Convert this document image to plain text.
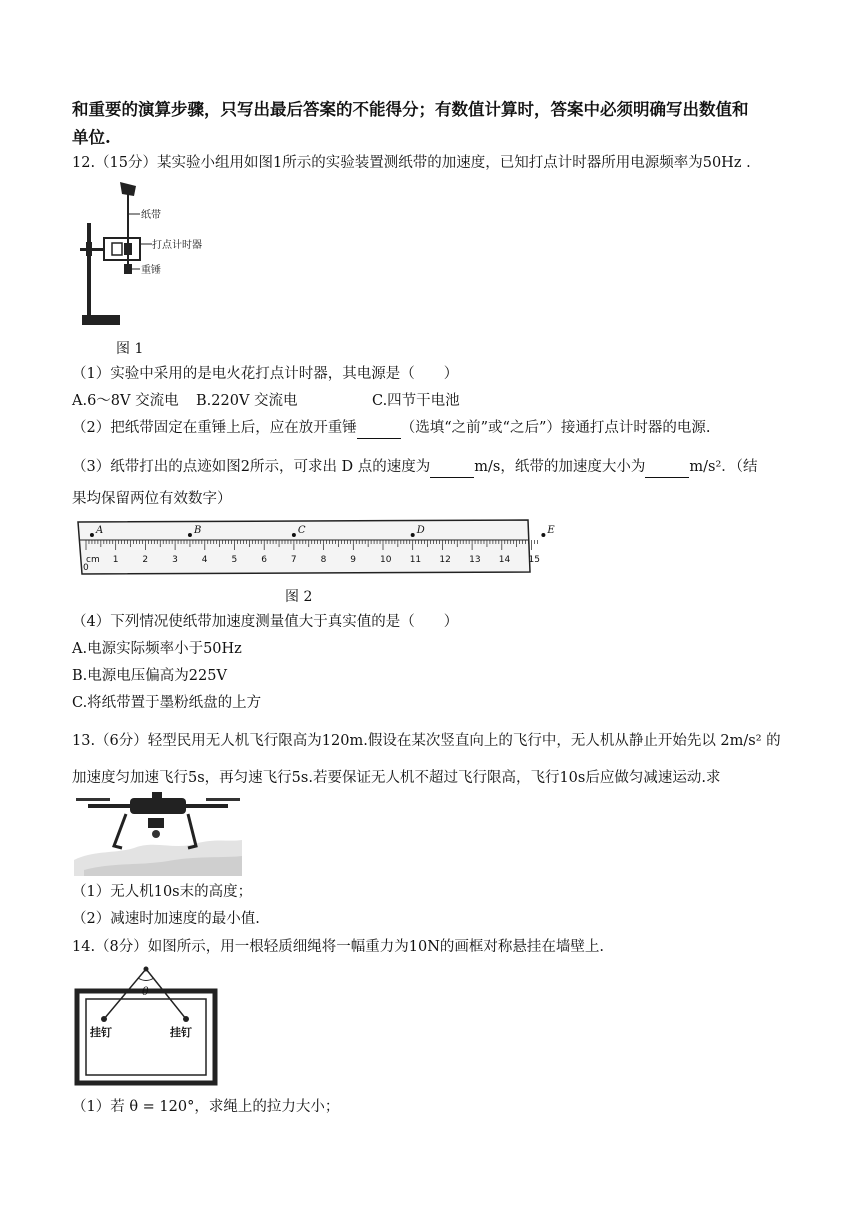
和重要的演算步骤，只写出最后答案的不能得分；有数值计算时，答案中必须明确写出数值和
单位.
12.（15分）某实验小组用如图1所示的实验装置测纸带的加速度，已知打点计时器所用电源频率为50Hz .
纸带
打点计时器
重锤
图 1
（1）实验中采用的是电火花打点计时器，其电源是（　　）
A.6～8V 交流电 B.220V 交流电	C.四节干电池
（2）把纸带固定在重锤上后，应在放开重锤	（选填“之前”或“之后”）接通打点计时器的电源.
（3）纸带打出的点迹如图2所示，可求出 D 点的速度为	m/s，纸带的加速度大小为	m/s²．（结
果均保留两位有效数字）
0
1	2	3	4	5	6	7	8	9	10 11 12 13 14 15
A	B	C	D	E
cm
图 2
（4）下列情况使纸带加速度测量值大于真实值的是（　　）
A.电源实际频率小于50Hz
B.电源电压偏高为225V
C.将纸带置于墨粉纸盘的上方
13.（6分）轻型民用无人机飞行限高为120m.假设在某次竖直向上的飞行中，无人机从静止开始先以 2m/s² 的
加速度匀加速飞行5s，再匀速飞行5s.若要保证无人机不超过飞行限高，飞行10s后应做匀减速运动.求
（1）无人机10s末的高度；
（2）减速时加速度的最小值.
14.（8分）如图所示，用一根轻质细绳将一幅重力为10N的画框对称悬挂在墙壁上.
θ
挂钉	挂钉
（1）若 θ = 120°，求绳上的拉力大小；
